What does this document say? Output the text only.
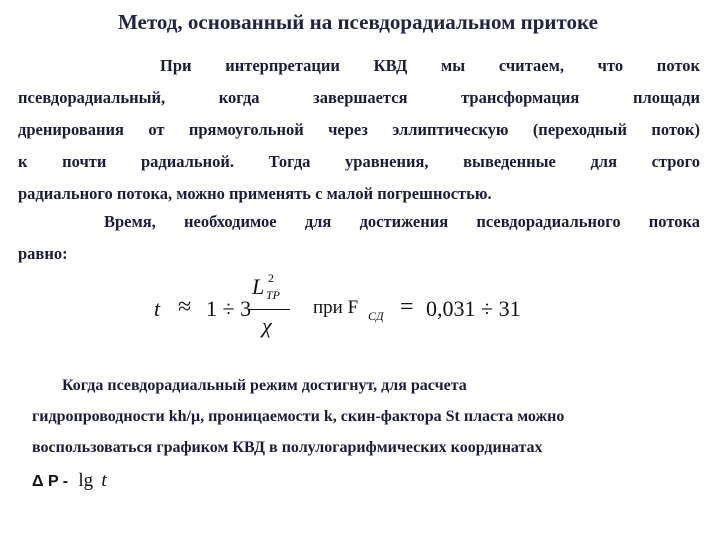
Метод, основанный на псевдорадиальном притоке
При интерпретации КВД мы считаем, что поток
псевдорадиальный, когда завершается трансформация площади
дренирования от прямоугольной через эллиптическую (переходный поток)
к почти радиальной. Тогда уравнения, выведенные для строго
радиального потока, можно применять с малой погрешностью.
Время, необходимое для достижения псевдорадиального потока
равно:
t ≈ 1 ÷ 3
L 2
ТР
χ
при F СД = 0,031 ÷ 31
Когда псевдорадиальный режим достигнут, для расчета
гидропроводности kh/μ, проницаемости k, скин-фактора St пласта можно
воспользоваться графиком КВД в полулогарифмических координатах
Δ P - lg t
